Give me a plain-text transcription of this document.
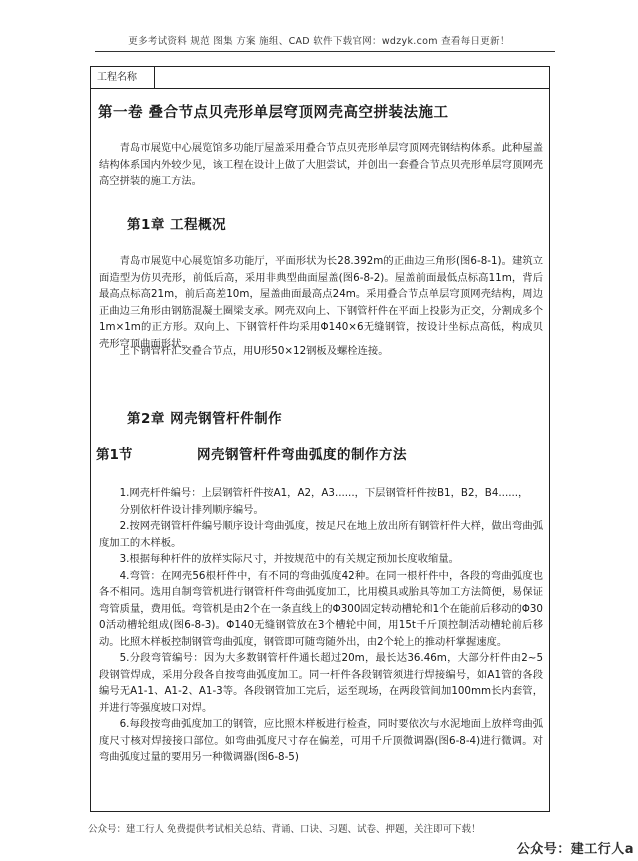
更多考试资料 规范 图集 方案 施组、CAD 软件下载官网：wdzyk.com 查看每日更新！
工程名称
第一卷 叠合节点贝壳形单层穹顶网壳高空拼装法施工
青岛市展览中心展览馆多功能厅屋盖采用叠合节点贝壳形单层穹顶网壳钢结构体系。此种屋盖结构体系国内外较少见，该工程在设计上做了大胆尝试，并创出一套叠合节点贝壳形单层穹顶网壳高空拼装的施工方法。
第1章 工程概况
青岛市展览中心展览馆多功能厅，平面形状为长28.392m的正曲边三角形(图6-8-1)。建筑立面造型为仿贝壳形，前低后高，采用非典型曲面屋盖(图6-8-2)。屋盖前面最低点标高11m，背后最高点标高21m，前后高差10m，屋盖曲面最高点24m。采用叠合节点单层穹顶网壳结构，周边正曲边三角形由钢筋混凝土圈梁支承。网壳双向上、下钢管杆件在平面上投影为正交，分割成多个1m×1m的正方形。双向上、下钢管杆件均采用Φ140×6无缝钢管，按设计坐标点高低，构成贝壳形穹顶曲面形状。
上下钢管杆汇交叠合节点，用U形50×12钢板及螺栓连接。
第2章 网壳钢管杆件制作
第1节	网壳钢管杆件弯曲弧度的制作方法
1.网壳杆件编号：上层钢管杆件按A1，A2，A3......，下层钢管杆件按B1，B2，B4......，
分别依杆件设计排列顺序编号。
2.按网壳钢管杆件编号顺序设计弯曲弧度，按足尺在地上放出所有钢管杆件大样，做出弯曲弧度加工的木样板。
3.根据每种杆件的放样实际尺寸，并按规范中的有关规定预加长度收缩量。
4.弯管：在网壳56根杆件中，有不同的弯曲弧度42种。在同一根杆件中，各段的弯曲弧度也各不相同。选用自制弯管机进行钢管杆件弯曲弧度加工，比用模具或胎具等加工方法简便，易保证弯管质量，费用低。弯管机是由2个在一条直线上的Φ300固定转动槽轮和1个在能前后移动的Φ300活动槽轮组成(图6-8-3)。Φ140无缝钢管放在3个槽轮中间，用15t千斤顶控制活动槽轮前后移动。比照木样板控制钢管弯曲弧度，钢管即可随弯随外出，由2个轮上的推动杆掌握速度。
5.分段弯管编号：因为大多数钢管杆件通长超过20m，最长达36.46m，大部分杆件由2~5段钢管焊成，采用分段各自按弯曲弧度加工。同一杆件各段钢管须进行焊接编号，如A1管的各段编号无A1-1、A1-2、A1-3等。各段钢管加工完后，运至现场，在两段管间加100mm长内套管，并进行等强度坡口对焊。
6.每段按弯曲弧度加工的钢管，应比照木样板进行检查，同时要依次与水泥地面上放样弯曲弧度尺寸核对焊接接口部位。如弯曲弧度尺寸存在偏差，可用千斤顶微调器(图6-8-4)进行微调。对弯曲弧度过量的要用另一种微调器(图6-8-5)
公众号：建工行人 免费提供考试相关总结、背诵、口诀、习题、试卷、押题，关注即可下载！
公众号：建工行人a
